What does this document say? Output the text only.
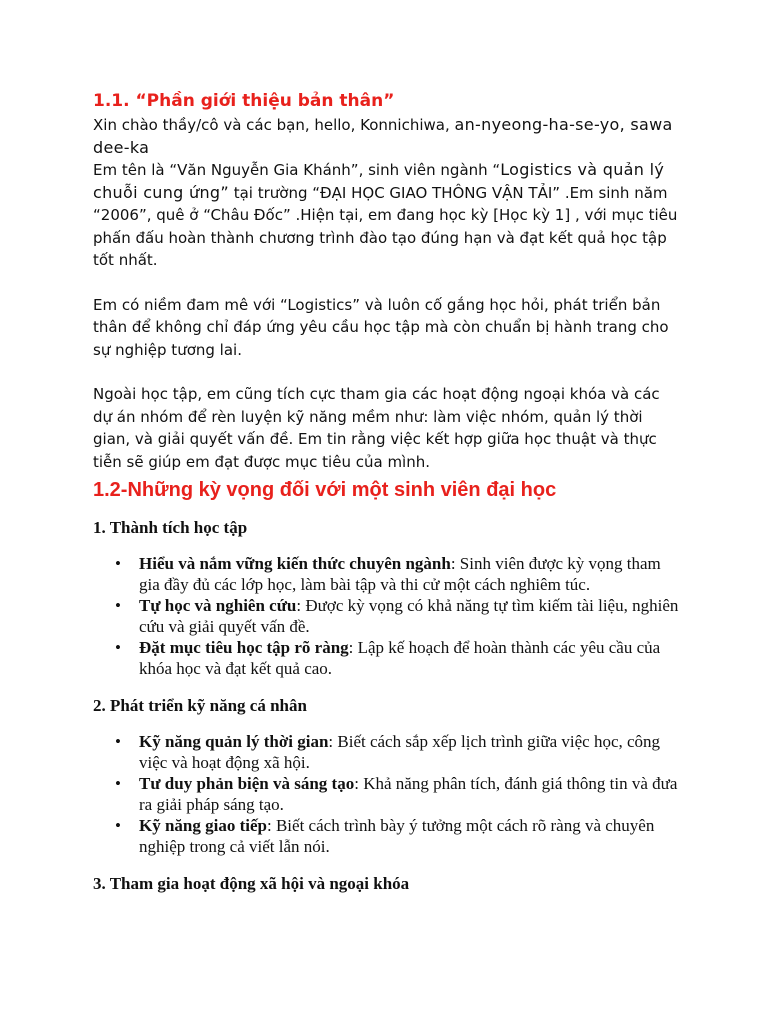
1.1. “Phần giới thiệu bản thân”

Xin chào thầy/cô và các bạn, hello, Konnichiwa, an-nyeong-ha-se-yo, sawa dee-ka

Em tên là “Văn Nguyễn Gia Khánh”, sinh viên ngành “Logistics và quản lý chuỗi cung ứng” tại trường “ĐẠI HỌC GIAO THÔNG VẬN TẢI” .Em sinh năm “2006”, quê ở “Châu Đốc” .Hiện tại, em đang học kỳ [Học kỳ 1] , với mục tiêu phấn đấu hoàn thành chương trình đào tạo đúng hạn và đạt kết quả học tập tốt nhất.

Em có niềm đam mê với “Logistics” và luôn cố gắng học hỏi, phát triển bản thân để không chỉ đáp ứng yêu cầu học tập mà còn chuẩn bị hành trang cho sự nghiệp tương lai.

Ngoài học tập, em cũng tích cực tham gia các hoạt động ngoại khóa và các dự án nhóm để rèn luyện kỹ năng mềm như: làm việc nhóm, quản lý thời gian, và giải quyết vấn đề. Em tin rằng việc kết hợp giữa học thuật và thực tiễn sẽ giúp em đạt được mục tiêu của mình.

1.2-Những kỳ vọng đối với một sinh viên đại học
1. Thành tích học tập
• Hiểu và nắm vững kiến thức chuyên ngành: Sinh viên được kỳ vọng tham gia đầy đủ các lớp học, làm bài tập và thi cử một cách nghiêm túc.
• Tự học và nghiên cứu: Được kỳ vọng có khả năng tự tìm kiếm tài liệu, nghiên cứu và giải quyết vấn đề.
• Đặt mục tiêu học tập rõ ràng: Lập kế hoạch để hoàn thành các yêu cầu của khóa học và đạt kết quả cao.
2. Phát triển kỹ năng cá nhân
• Kỹ năng quản lý thời gian: Biết cách sắp xếp lịch trình giữa việc học, công việc và hoạt động xã hội.
• Tư duy phản biện và sáng tạo: Khả năng phân tích, đánh giá thông tin và đưa ra giải pháp sáng tạo.
• Kỹ năng giao tiếp: Biết cách trình bày ý tưởng một cách rõ ràng và chuyên nghiệp trong cả viết lẫn nói.
3. Tham gia hoạt động xã hội và ngoại khóa
